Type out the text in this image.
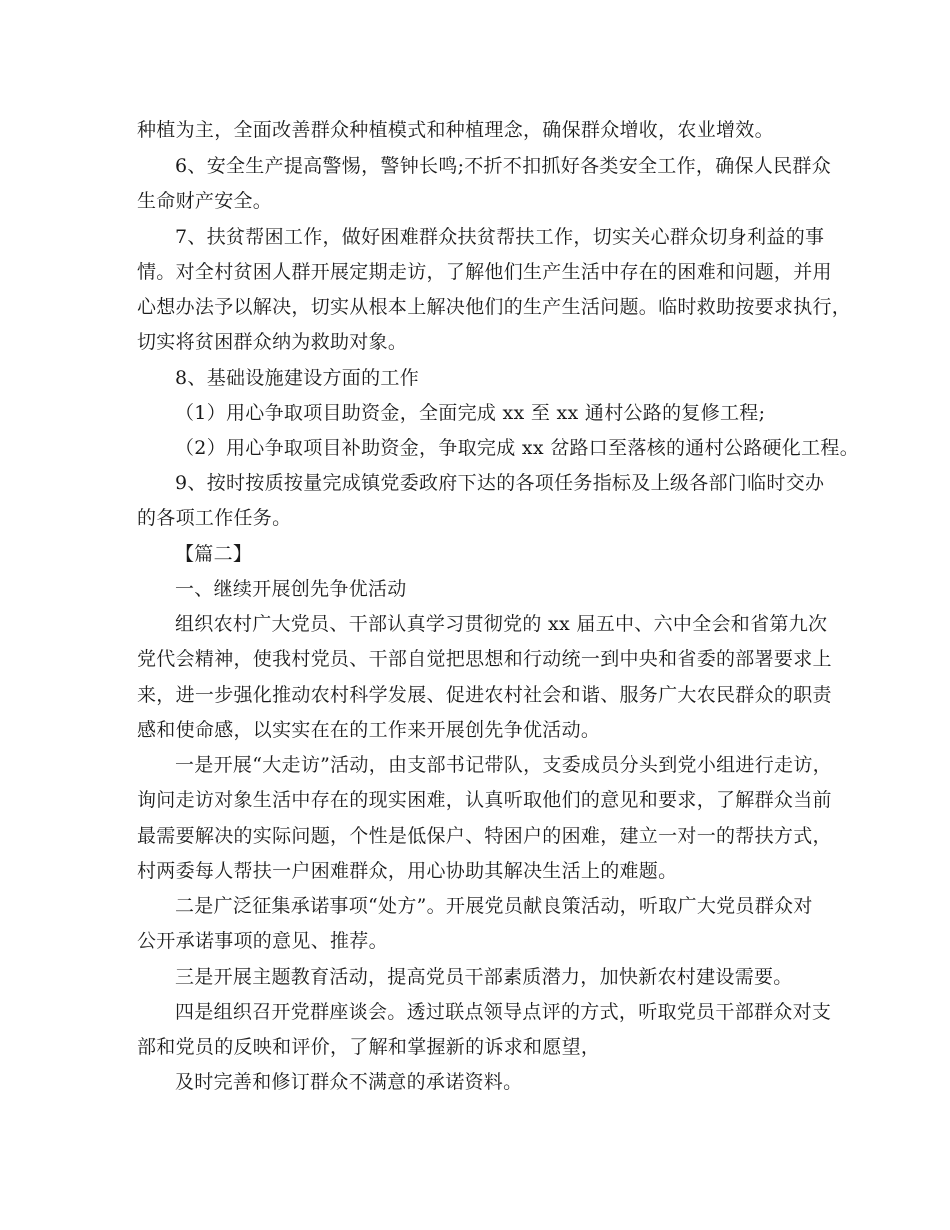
种植为主，全面改善群众种植模式和种植理念，确保群众增收，农业增效。
6、安全生产提高警惕，警钟长鸣;不折不扣抓好各类安全工作，确保人民群众
生命财产安全。
7、扶贫帮困工作，做好困难群众扶贫帮扶工作，切实关心群众切身利益的事
情。对全村贫困人群开展定期走访，了解他们生产生活中存在的困难和问题，并用
心想办法予以解决，切实从根本上解决他们的生产生活问题。临时救助按要求执行，
切实将贫困群众纳为救助对象。
8、基础设施建设方面的工作
（1）用心争取项目助资金，全面完成 xx 至 xx 通村公路的复修工程;
（2）用心争取项目补助资金，争取完成 xx 岔路口至落核的通村公路硬化工程。
9、按时按质按量完成镇党委政府下达的各项任务指标及上级各部门临时交办
的各项工作任务。
【篇二】
一、继续开展创先争优活动
组织农村广大党员、干部认真学习贯彻党的 xx 届五中、六中全会和省第九次
党代会精神，使我村党员、干部自觉把思想和行动统一到中央和省委的部署要求上
来，进一步强化推动农村科学发展、促进农村社会和谐、服务广大农民群众的职责
感和使命感，以实实在在的工作来开展创先争优活动。
一是开展“大走访”活动，由支部书记带队，支委成员分头到党小组进行走访，
询问走访对象生活中存在的现实困难，认真听取他们的意见和要求，了解群众当前
最需要解决的实际问题，个性是低保户、特困户的困难，建立一对一的帮扶方式，
村两委每人帮扶一户困难群众，用心协助其解决生活上的难题。
二是广泛征集承诺事项“处方”。开展党员献良策活动，听取广大党员群众对
公开承诺事项的意见、推荐。
三是开展主题教育活动，提高党员干部素质潜力，加快新农村建设需要。
四是组织召开党群座谈会。透过联点领导点评的方式，听取党员干部群众对支
部和党员的反映和评价，了解和掌握新的诉求和愿望，
及时完善和修订群众不满意的承诺资料。
